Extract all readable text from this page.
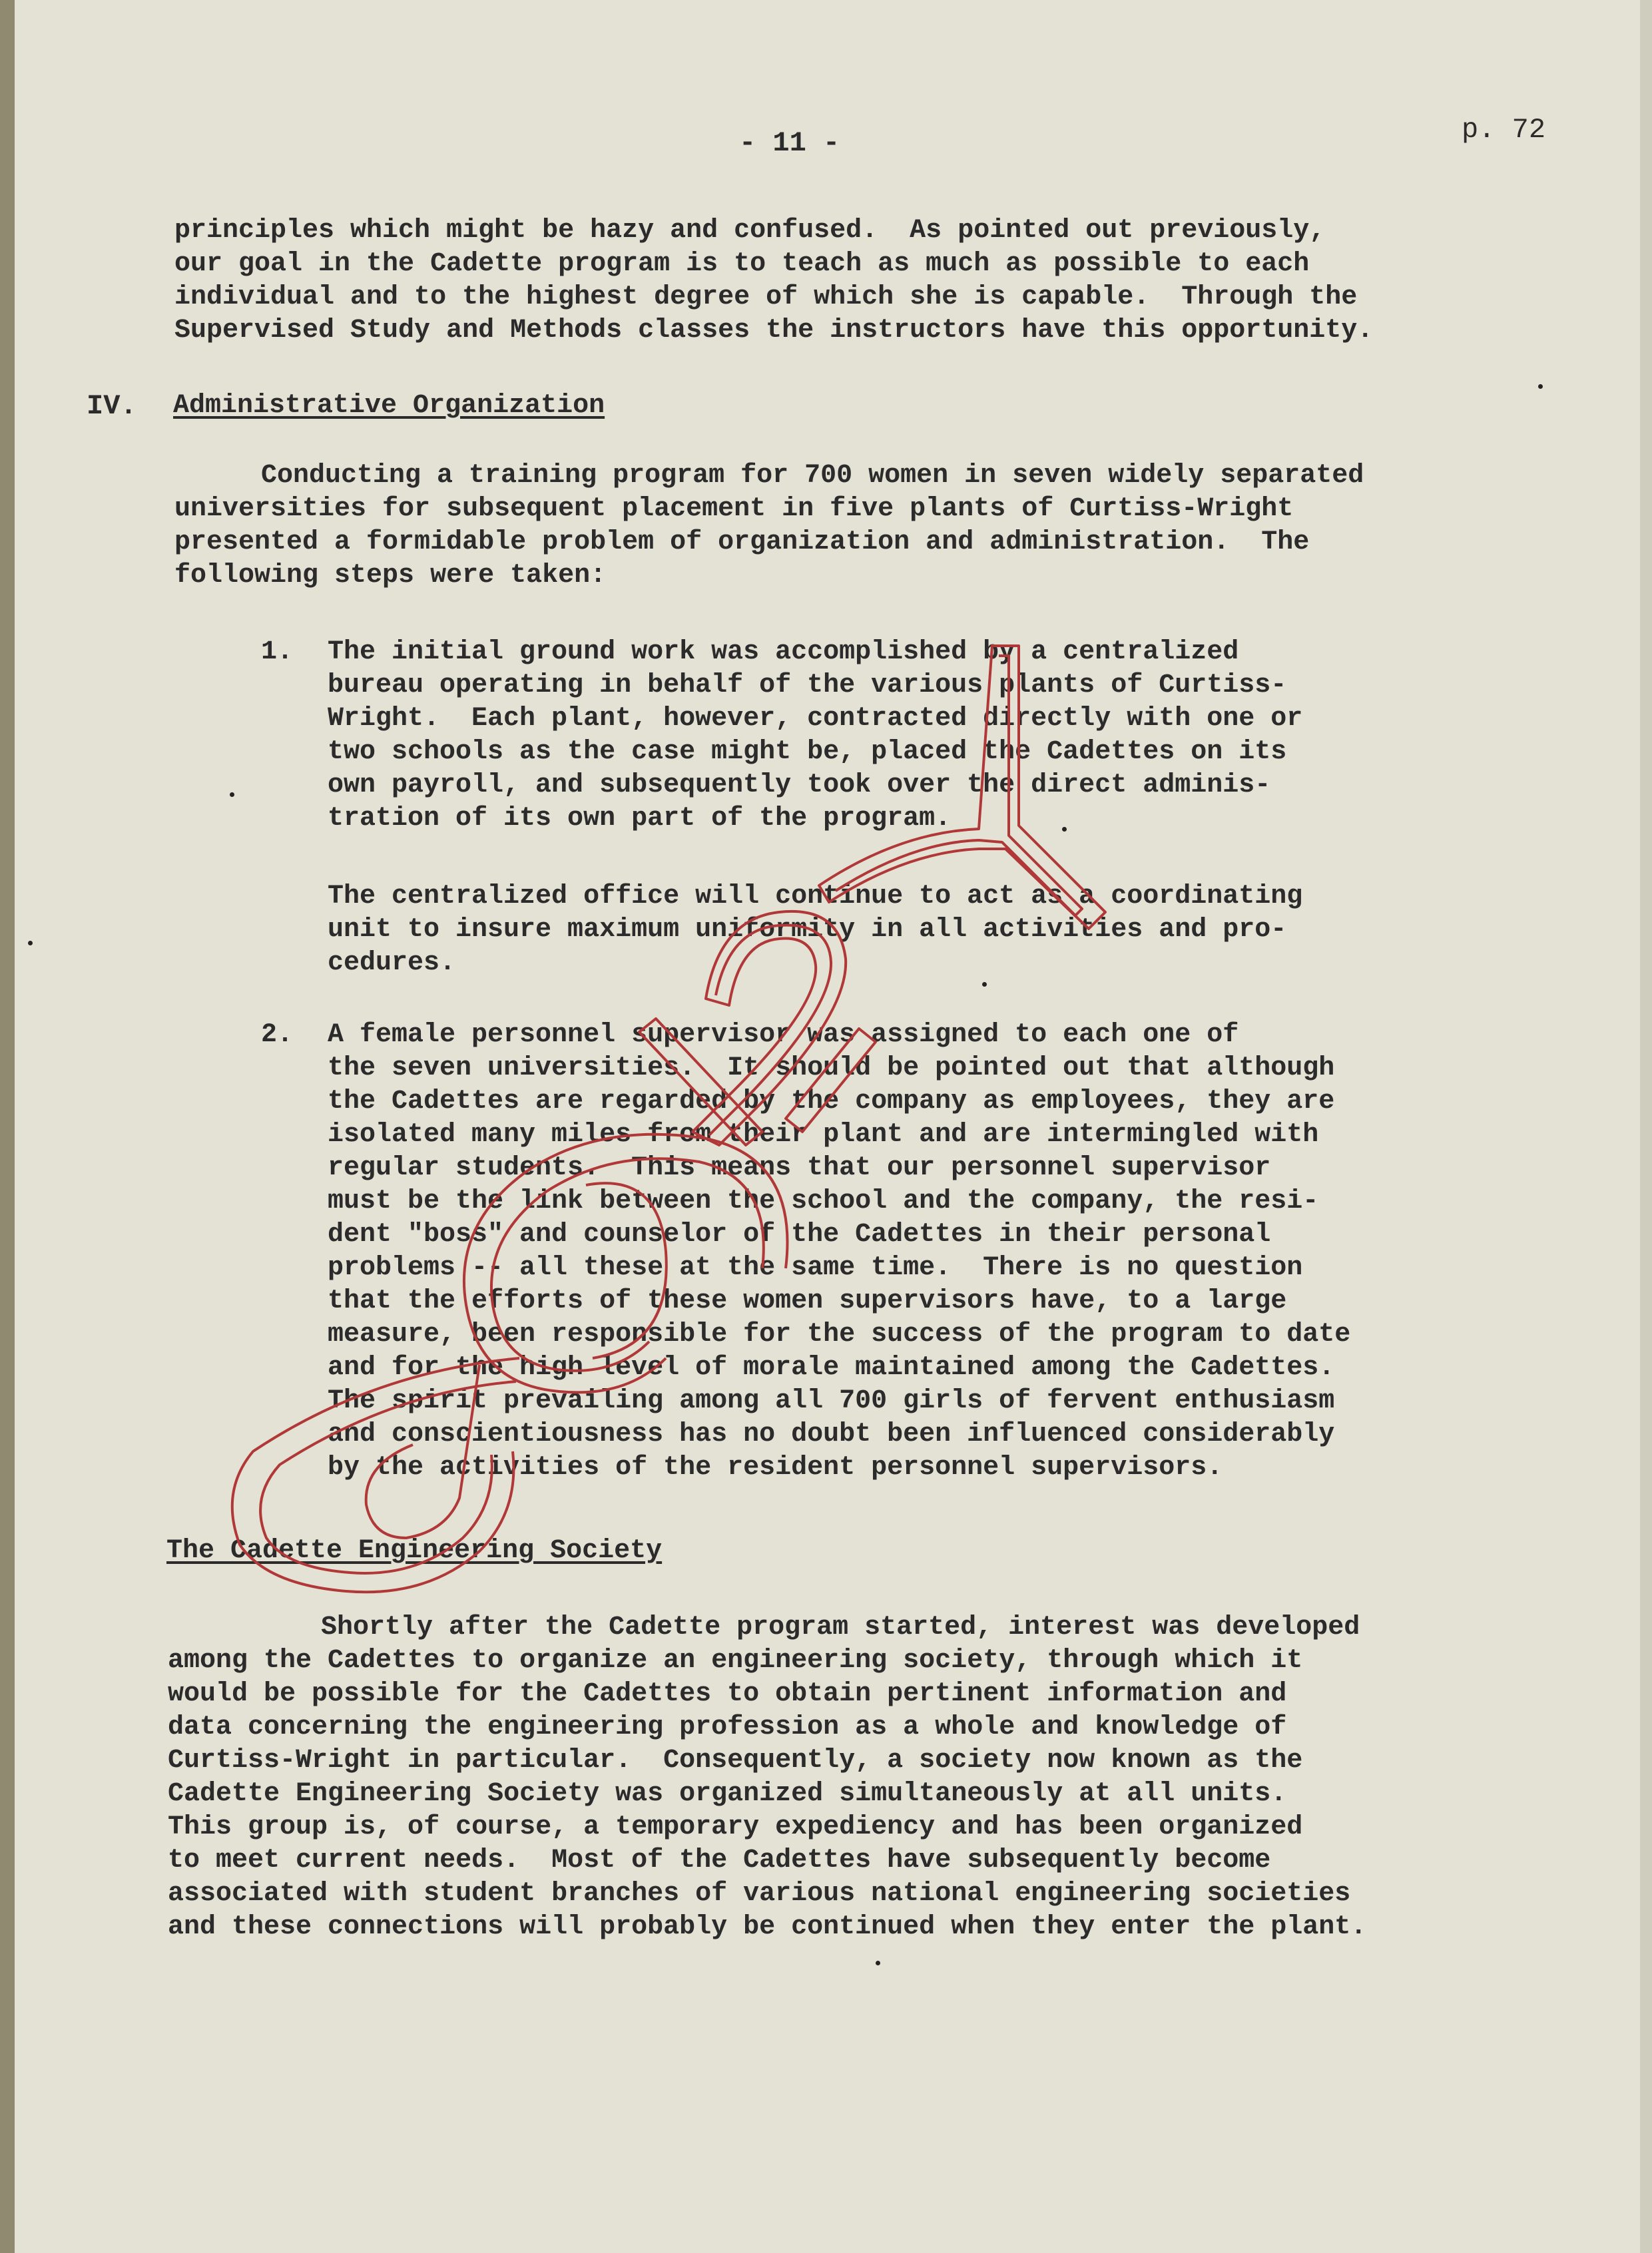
- 11 -	p. 72
principles which might be hazy and confused.  As pointed out previously,
our goal in the Cadette program is to teach as much as possible to each
individual and to the highest degree of which she is capable.  Through the
Supervised Study and Methods classes the instructors have this opportunity.
IV. Administrative Organization
Conducting a training program for 700 women in seven widely separated
universities for subsequent placement in five plants of Curtiss-Wright
presented a formidable problem of organization and administration.  The
following steps were taken:
1. The initial ground work was accomplished by a centralized
bureau operating in behalf of the various plants of Curtiss-
Wright.  Each plant, however, contracted directly with one or
two schools as the case might be, placed the Cadettes on its
own payroll, and subsequently took over the direct adminis-
tration of its own part of the program.
The centralized office will continue to act as a coordinating
unit to insure maximum uniformity in all activities and pro-
cedures.
2. A female personnel supervisor was assigned to each one of
the seven universities.  It should be pointed out that although
the Cadettes are regarded by the company as employees, they are
isolated many miles from their plant and are intermingled with
regular students.  This means that our personnel supervisor
must be the link between the school and the company, the resi-
dent "boss" and counselor of the Cadettes in their personal
problems -- all these at the same time.  There is no question
that the efforts of these women supervisors have, to a large
measure, been responsible for the success of the program to date
and for the high level of morale maintained among the Cadettes.
The spirit prevailing among all 700 girls of fervent enthusiasm
and conscientiousness has no doubt been influenced considerably
by the activities of the resident personnel supervisors.
The Cadette Engineering Society
Shortly after the Cadette program started, interest was developed
among the Cadettes to organize an engineering society, through which it
would be possible for the Cadettes to obtain pertinent information and
data concerning the engineering profession as a whole and knowledge of
Curtiss-Wright in particular.  Consequently, a society now known as the
Cadette Engineering Society was organized simultaneously at all units.
This group is, of course, a temporary expediency and has been organized
to meet current needs.  Most of the Cadettes have subsequently become
associated with student branches of various national engineering societies
and these connections will probably be continued when they enter the plant.
